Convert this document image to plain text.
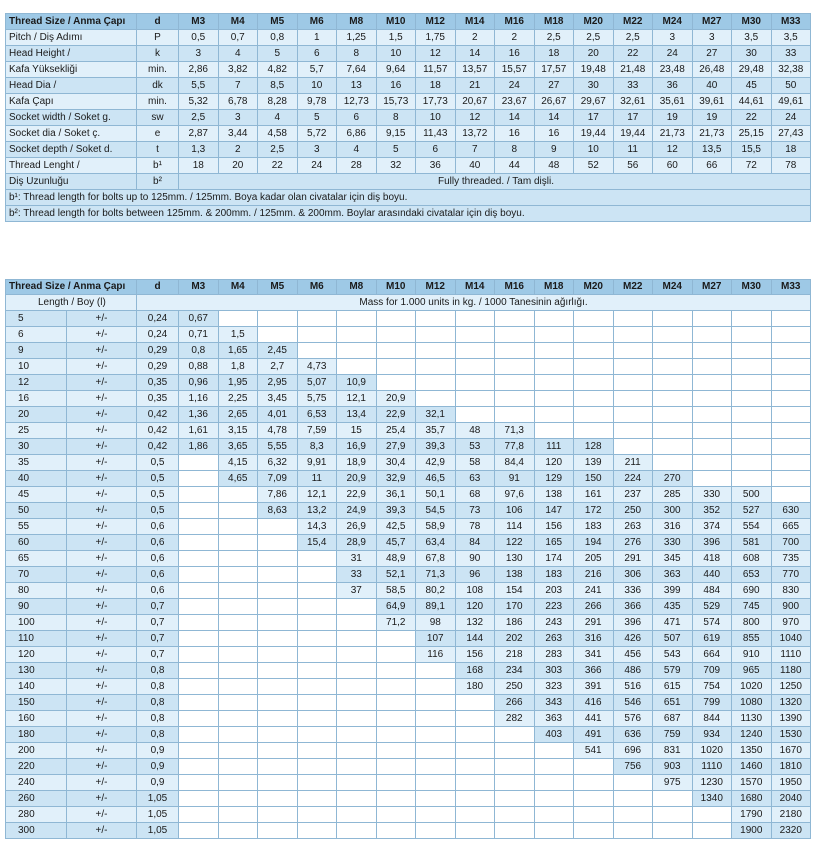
Thread Size / Anma Çapı	d	M3	M4	M5	M6	M8	M10	M12	M14	M16	M18	M20	M22	M24	M27	M30	M33
Pitch / Diş Adımı	P	0,5	0,7	0,8	1	1,25	1,5	1,75	2	2	2,5	2,5	2,5	3	3	3,5	3,5
Head Height /	k	3	4	5	6	8	10	12	14	16	18	20	22	24	27	30	33
Kafa Yüksekliği	min.	2,86	3,82	4,82	5,7	7,64	9,64	11,57	13,57	15,57	17,57	19,48	21,48	23,48	26,48	29,48	32,38
Head Dia /	dk	5,5	7	8,5	10	13	16	18	21	24	27	30	33	36	40	45	50
Kafa Çapı	min.	5,32	6,78	8,28	9,78	12,73	15,73	17,73	20,67	23,67	26,67	29,67	32,61	35,61	39,61	44,61	49,61
Socket width / Soket g.	sw	2,5	3	4	5	6	8	10	12	14	14	17	17	19	19	22	24
Socket dia / Soket ç.	e	2,87	3,44	4,58	5,72	6,86	9,15	11,43	13,72	16	16	19,44	19,44	21,73	21,73	25,15	27,43
Socket depth / Soket d.	t	1,3	2	2,5	3	4	5	6	7	8	9	10	11	12	13,5	15,5	18
Thread Lenght /	b¹	18	20	22	24	28	32	36	40	44	48	52	56	60	66	72	78
Diş Uzunluğu	b²	Fully threaded. / Tam dişli.															
b¹: Thread length for bolts up to 125mm. / 125mm. Boya kadar olan civatalar için diş boyu.																	
b²: Thread length for bolts between 125mm. & 200mm. / 125mm. & 200mm. Boylar arasındaki civatalar için diş boyu.																	
Thread Size / Anma Çapı		d	M3	M4	M5	M6	M8	M10	M12	M14	M16	M18	M20	M22	M24	M27	M30	M33
Length / Boy (l)		Mass for 1.000 units in kg. / 1000 Tanesinin ağırlığı.																
5	+/-	0,24	0,67															
6	+/-	0,24	0,71	1,5														
9	+/-	0,29	0,8	1,65	2,45													
10	+/-	0,29	0,88	1,8	2,7	4,73												
12	+/-	0,35	0,96	1,95	2,95	5,07	10,9											
16	+/-	0,35	1,16	2,25	3,45	5,75	12,1	20,9										
20	+/-	0,42	1,36	2,65	4,01	6,53	13,4	22,9	32,1									
25	+/-	0,42	1,61	3,15	4,78	7,59	15	25,4	35,7	48	71,3							
30	+/-	0,42	1,86	3,65	5,55	8,3	16,9	27,9	39,3	53	77,8	111	128					
35	+/-	0,5		4,15	6,32	9,91	18,9	30,4	42,9	58	84,4	120	139	211				
40	+/-	0,5		4,65	7,09	11	20,9	32,9	46,5	63	91	129	150	224	270			
45	+/-	0,5			7,86	12,1	22,9	36,1	50,1	68	97,6	138	161	237	285	330	500	
50	+/-	0,5			8,63	13,2	24,9	39,3	54,5	73	106	147	172	250	300	352	527	630
55	+/-	0,6				14,3	26,9	42,5	58,9	78	114	156	183	263	316	374	554	665
60	+/-	0,6				15,4	28,9	45,7	63,4	84	122	165	194	276	330	396	581	700
65	+/-	0,6					31	48,9	67,8	90	130	174	205	291	345	418	608	735
70	+/-	0,6					33	52,1	71,3	96	138	183	216	306	363	440	653	770
80	+/-	0,6					37	58,5	80,2	108	154	203	241	336	399	484	690	830
90	+/-	0,7						64,9	89,1	120	170	223	266	366	435	529	745	900
100	+/-	0,7						71,2	98	132	186	243	291	396	471	574	800	970
110	+/-	0,7							107	144	202	263	316	426	507	619	855	1040
120	+/-	0,7							116	156	218	283	341	456	543	664	910	1110
130	+/-	0,8								168	234	303	366	486	579	709	965	1180
140	+/-	0,8								180	250	323	391	516	615	754	1020	1250
150	+/-	0,8									266	343	416	546	651	799	1080	1320
160	+/-	0,8									282	363	441	576	687	844	1130	1390
180	+/-	0,8										403	491	636	759	934	1240	1530
200	+/-	0,9											541	696	831	1020	1350	1670
220	+/-	0,9												756	903	1110	1460	1810
240	+/-	0,9													975	1230	1570	1950
260	+/-	1,05														1340	1680	2040
280	+/-	1,05															1790	2180
300	+/-	1,05															1900	2320
